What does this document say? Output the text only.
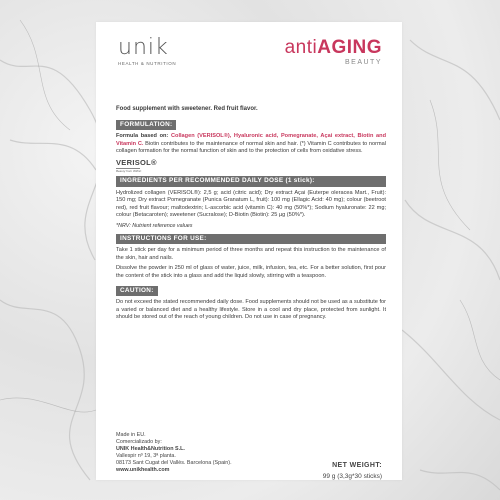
unik
HEALTH & NUTRITION
antiAGING
BEAUTY
Food supplement with sweetener. Red fruit flavor.
FORMULATION:

Formula based on: Collagen (VERISOL®), Hyaluronic acid, Pomegranate, Açai extract, Biotin and Vitamin C. Biotin contributes to the maintenance of normal skin and hair. (*) Vitamin C contributes to normal collagen formation for the normal function of skin and to the protection of cells from oxidative stress.

VERISOL®
Beauty from Within
INGREDIENTS PER RECOMMENDED DAILY DOSE (1 stick):

Hydrolized collagen (VERISOL®): 2,5 g; acid (citric acid); Dry extract Açai (Euterpe oleracea Mart., Fruit): 150 mg; Dry extract Pomegranate (Punica Granatum L, fruit): 100 mg (Ellagic Acid: 40 mg); colour (beetroot red), red fruit flavour; maltodextrin; L-ascorbic acid (vitamin C): 40 mg (50%*); Sodium hyaluronate: 22 mg; colour (Betacaroten); sweetener (Sucralose); D-Biotin (Biotin): 25 µg (50%*).

*NRV: Nutrient reference values
INSTRUCTIONS FOR USE:

Take 1 stick per day for a minimum period of three months and repeat this instruction to the maintenance of the skin, hair and nails.

Dissolve the powder in 250 ml of glass of water, juice, milk, infusion, tea, etc. For a better solution, first pour the content of the stick into a glass and add the liquid slowly, stirring with a teaspoon.

CAUTION:

Do not exceed the stated recommended daily dose. Food supplements should not be used as a substitute for a varied or balanced diet and a healthy lifestyle. Store in a cool and dry place, protected from sunlight. It should be stored out of the reach of young children. Do not use in case of pregnancy.

Made in EU.
Comercializado by:
UNIK Health&Nutrition S.L.
Vallespir nº 19, 3ª planta.
08173 Sant Cugat del Vallès. Barcelona (Spain).
www.unikhealth.com
NET WEIGHT:
99 g (3,3g*30 sticks)
